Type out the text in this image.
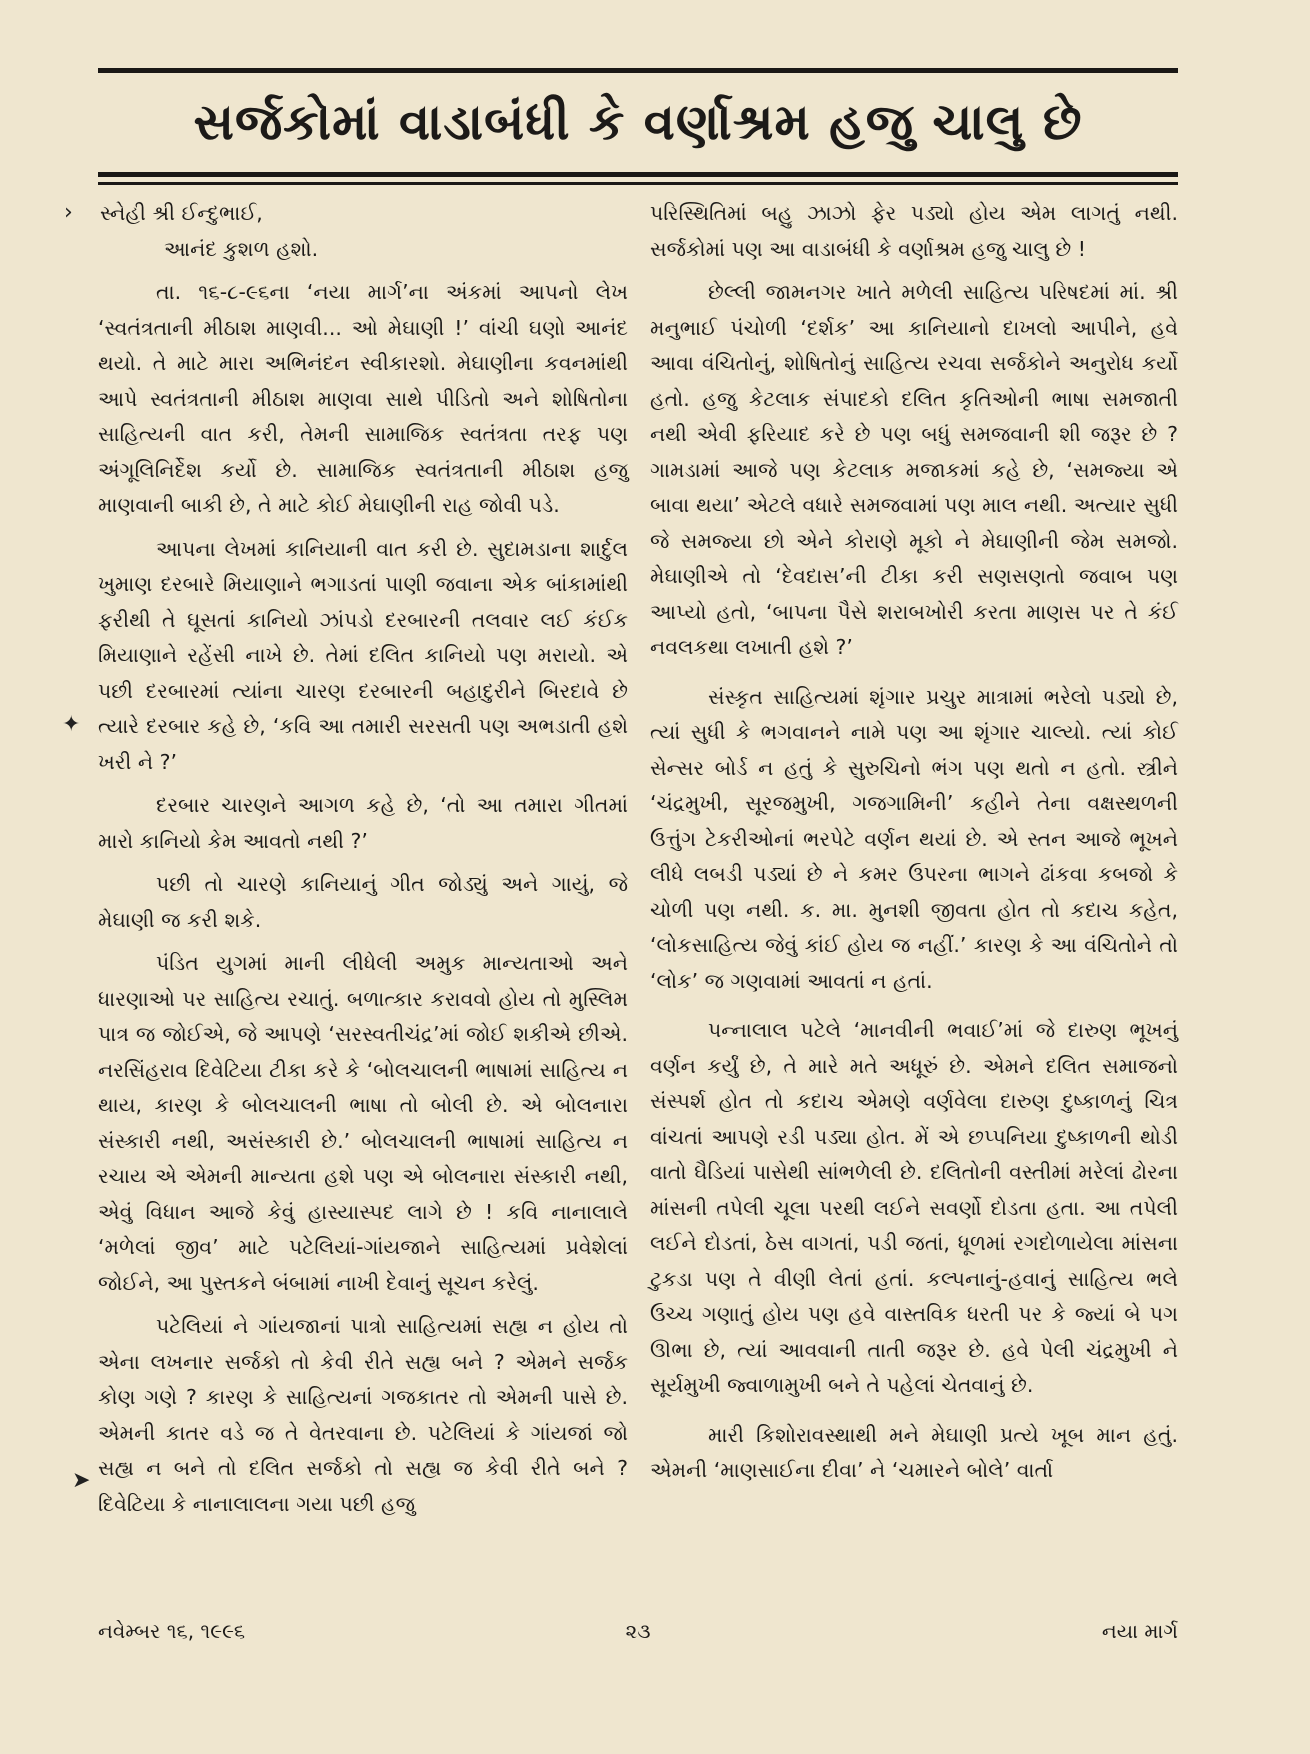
સર્જકોમાં વાડાબંધી કે વર્ણાશ્રમ હજુ ચાલુ છે

સ્નેહી શ્રી ઈન્દુભાઈ,

આનંદ કુશળ હશો.

તા. ૧૬-૮-૯૬ના ‘નયા માર્ગ’ના અંકમાં આપનો લેખ ‘સ્વતંત્રતાની મીઠાશ માણવી... ઓ મેઘાણી !’ વાંચી ઘણો આનંદ થયો. તે માટે મારા અભિનંદન સ્વીકારશો. મેઘાણીના કવનમાંથી આપે સ્વતંત્રતાની મીઠાશ માણવા સાથે પીડિતો અને શોષિતોના સાહિત્યની વાત કરી, તેમની સામાજિક સ્વતંત્રતા તરફ પણ અંગૂલિનિર્દેશ કર્યો છે. સામાજિક સ્વતંત્રતાની મીઠાશ હજુ માણવાની બાકી છે, તે માટે કોઈ મેઘાણીની રાહ જોવી પડે.

આપના લેખમાં કાનિયાની વાત કરી છે. સુદામડાના શાર્દુલ ખુમાણ દરબારે મિયાણાને ભગાડતાં પાણી જવાના એક બાંકામાંથી ફરીથી તે ઘૂસતાં કાનિયો ઝાંપડો દરબારની તલવાર લઈ કંઈક મિયાણાને રહેંસી નાખે છે. તેમાં દલિત કાનિયો પણ મરાયો. એ પછી દરબારમાં ત્યાંના ચારણ દરબારની બહાદુરીને બિરદાવે છે ત્યારે દરબાર કહે છે, ‘કવિ આ તમારી સરસતી પણ અભડાતી હશે ખરી ને ?’

દરબાર ચારણને આગળ કહે છે, ‘તો આ તમારા ગીતમાં મારો કાનિયો કેમ આવતો નથી ?’

પછી તો ચારણે કાનિયાનું ગીત જોડ્યું અને ગાયું, જે મેઘાણી જ કરી શકે.

પંડિત યુગમાં માની લીધેલી અમુક માન્યતાઓ અને ધારણાઓ પર સાહિત્ય રચાતું. બળાત્કાર કરાવવો હોય તો મુસ્લિમ પાત્ર જ જોઈએ, જે આપણે ‘સરસ્વતીચંદ્ર’માં જોઈ શકીએ છીએ. નરસિંહરાવ દિવેટિયા ટીકા કરે કે ‘બોલચાલની ભાષામાં સાહિત્ય ન થાય, કારણ કે બોલચાલની ભાષા તો બોલી છે. એ બોલનારા સંસ્કારી નથી, અસંસ્કારી છે.’ બોલચાલની ભાષામાં સાહિત્ય ન રચાય એ એમની માન્યતા હશે પણ એ બોલનારા સંસ્કારી નથી, એવું વિધાન આજે કેવું હાસ્યાસ્પદ લાગે છે ! કવિ નાનાલાલે ‘મળેલાં જીવ’ માટે પટેલિયાં-ગાંયજાને સાહિત્યમાં પ્રવેશેલાં જોઈને, આ પુસ્તકને બંબામાં નાખી દેવાનું સૂચન કરેલું.

પટેલિયાં ને ગાંયજાનાં પાત્રો સાહિત્યમાં સહ્ય ન હોય તો એના લખનાર સર્જકો તો કેવી રીતે સહ્ય બને ? એમને સર્જક કોણ ગણે ? કારણ કે સાહિત્યનાં ગજકાતર તો એમની પાસે છે. એમની કાતર વડે જ તે વેતરવાના છે. પટેલિયાં કે ગાંયજાં જો સહ્ય ન બને તો દલિત સર્જકો તો સહ્ય જ કેવી રીતે બને ? દિવેટિયા કે નાનાલાલના ગયા પછી હજુ

પરિસ્થિતિમાં બહુ ઝાઝો ફેર પડ્યો હોય એમ લાગતું નથી. સર્જકોમાં પણ આ વાડાબંધી કે વર્ણાશ્રમ હજુ ચાલુ છે !

છેલ્લી જામનગર ખાતે મળેલી સાહિત્ય પરિષદમાં માં. શ્રી મનુભાઈ પંચોળી ‘દર્શક’ આ કાનિયાનો દાખલો આપીને, હવે આવા વંચિતોનું, શોષિતોનું સાહિત્ય રચવા સર્જકોને અનુરોધ કર્યો હતો. હજુ કેટલાક સંપાદકો દલિત કૃતિઓની ભાષા સમજાતી નથી એવી ફરિયાદ કરે છે પણ બધું સમજવાની શી જરૂર છે ? ગામડામાં આજે પણ કેટલાક મજાકમાં કહે છે, ‘સમજ્યા એ બાવા થયા’ એટલે વધારે સમજવામાં પણ માલ નથી. અત્યાર સુધી જે સમજ્યા છો એને કોરાણે મૂકો ને મેઘાણીની જેમ સમજો. મેઘાણીએ તો ‘દેવદાસ’ની ટીકા કરી સણસણતો જવાબ પણ આપ્યો હતો, ‘બાપના પૈસે શરાબખોરી કરતા માણસ પર તે કંઈ નવલકથા લખાતી હશે ?’

સંસ્કૃત સાહિત્યમાં શૃંગાર પ્રચુર માત્રામાં ભરેલો પડ્યો છે, ત્યાં સુધી કે ભગવાનને નામે પણ આ શૃંગાર ચાલ્યો. ત્યાં કોઈ સેન્સર બોર્ડ ન હતું કે સુરુચિનો ભંગ પણ થતો ન હતો. સ્ત્રીને ‘ચંદ્રમુખી, સૂરજમુખી, ગજગામિની’ કહીને તેના વક્ષસ્થળની ઉત્તુંગ ટેકરીઓનાં ભરપેટે વર્ણન થયાં છે. એ સ્તન આજે ભૂખને લીધે લબડી પડ્યાં છે ને કમર ઉપરના ભાગને ઢાંકવા કબજો કે ચોળી પણ નથી. ક. મા. મુનશી જીવતા હોત તો કદાચ કહેત, ‘લોકસાહિત્ય જેવું કાંઈ હોય જ નહીં.’ કારણ કે આ વંચિતોને તો ‘લોક’ જ ગણવામાં આવતાં ન હતાં.

પન્નાલાલ પટેલે ‘માનવીની ભવાઈ’માં જે દારુણ ભૂખનું વર્ણન કર્યું છે, તે મારે મતે અધૂરું છે. એમને દલિત સમાજનો સંસ્પર્શ હોત તો કદાચ એમણે વર્ણવેલા દારુણ દુષ્કાળનું ચિત્ર વાંચતાં આપણે રડી પડ્યા હોત. મેં એ છપ્પનિયા દુષ્કાળની થોડી વાતો ઘૈડિયાં પાસેથી સાંભળેલી છે. દલિતોની વસ્તીમાં મરેલાં ઢોરના માંસની તપેલી ચૂલા પરથી લઈને સવર્ણો દોડતા હતા. આ તપેલી લઈને દોડતાં, ઠેસ વાગતાં, પડી જતાં, ધૂળમાં રગદોળાયેલા માંસના ટુકડા પણ તે વીણી લેતાં હતાં. કલ્પનાનું-હવાનું સાહિત્ય ભલે ઉચ્ચ ગણાતું હોય પણ હવે વાસ્તવિક ધરતી પર કે જ્યાં બે પગ ઊભા છે, ત્યાં આવવાની તાતી જરૂર છે. હવે પેલી ચંદ્રમુખી ને સૂર્યમુખી જ્વાળામુખી બને તે પહેલાં ચેતવાનું છે.

મારી કિશોરાવસ્થાથી મને મેઘાણી પ્રત્યે ખૂબ માન હતું. એમની ‘માણસાઈના દીવા’ ને ‘ચમારને બોલે’ વાર્તા

નવેમ્બર ૧૬, ૧૯૯૬	૨૩	નયા માર્ગ
›
✦
➤
